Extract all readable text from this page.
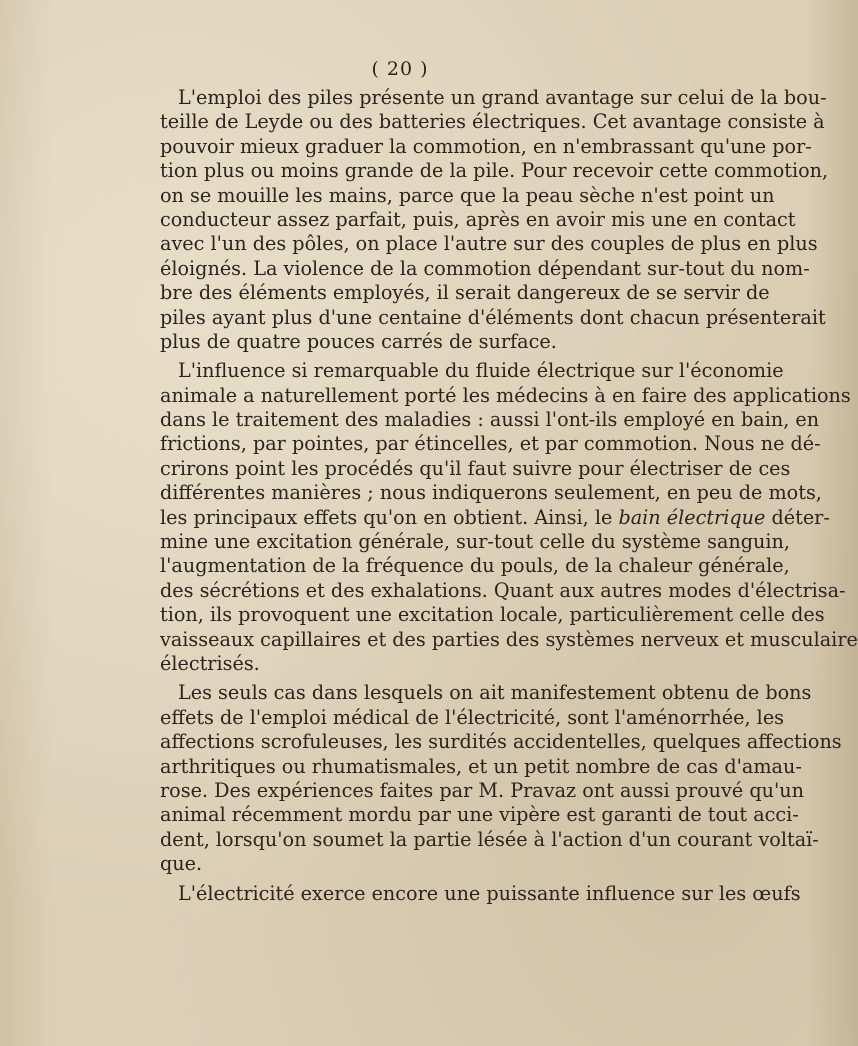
( 20 )
L'emploi des piles présente un grand avantage sur celui de la bou-
teille de Leyde ou des batteries électriques. Cet avantage consiste à
pouvoir mieux graduer la commotion, en n'embrassant qu'une por-
tion plus ou moins grande de la pile. Pour recevoir cette commotion,
on se mouille les mains, parce que la peau sèche n'est point un
conducteur assez parfait, puis, après en avoir mis une en contact
avec l'un des pôles, on place l'autre sur des couples de plus en plus
éloignés. La violence de la commotion dépendant sur-tout du nom-
bre des éléments employés, il serait dangereux de se servir de
piles ayant plus d'une centaine d'éléments dont chacun présenterait
plus de quatre pouces carrés de surface.
L'influence si remarquable du fluide électrique sur l'économie
animale a naturellement porté les médecins à en faire des applications
dans le traitement des maladies : aussi l'ont-ils employé en bain, en
frictions, par pointes, par étincelles, et par commotion. Nous ne dé-
crirons point les procédés qu'il faut suivre pour électriser de ces
différentes manières ; nous indiquerons seulement, en peu de mots,
les principaux effets qu'on en obtient. Ainsi, le bain électrique déter-
mine une excitation générale, sur-tout celle du système sanguin,
l'augmentation de la fréquence du pouls, de la chaleur générale,
des sécrétions et des exhalations. Quant aux autres modes d'électrisa-
tion, ils provoquent une excitation locale, particulièrement celle des
vaisseaux capillaires et des parties des systèmes nerveux et musculaire
électrisés.
Les seuls cas dans lesquels on ait manifestement obtenu de bons
effets de l'emploi médical de l'électricité, sont l'aménorrhée, les
affections scrofuleuses, les surdités accidentelles, quelques affections
arthritiques ou rhumatismales, et un petit nombre de cas d'amau-
rose. Des expériences faites par M. Pravaz ont aussi prouvé qu'un
animal récemment mordu par une vipère est garanti de tout acci-
dent, lorsqu'on soumet la partie lésée à l'action d'un courant voltaï-
que.
L'électricité exerce encore une puissante influence sur les œufs
